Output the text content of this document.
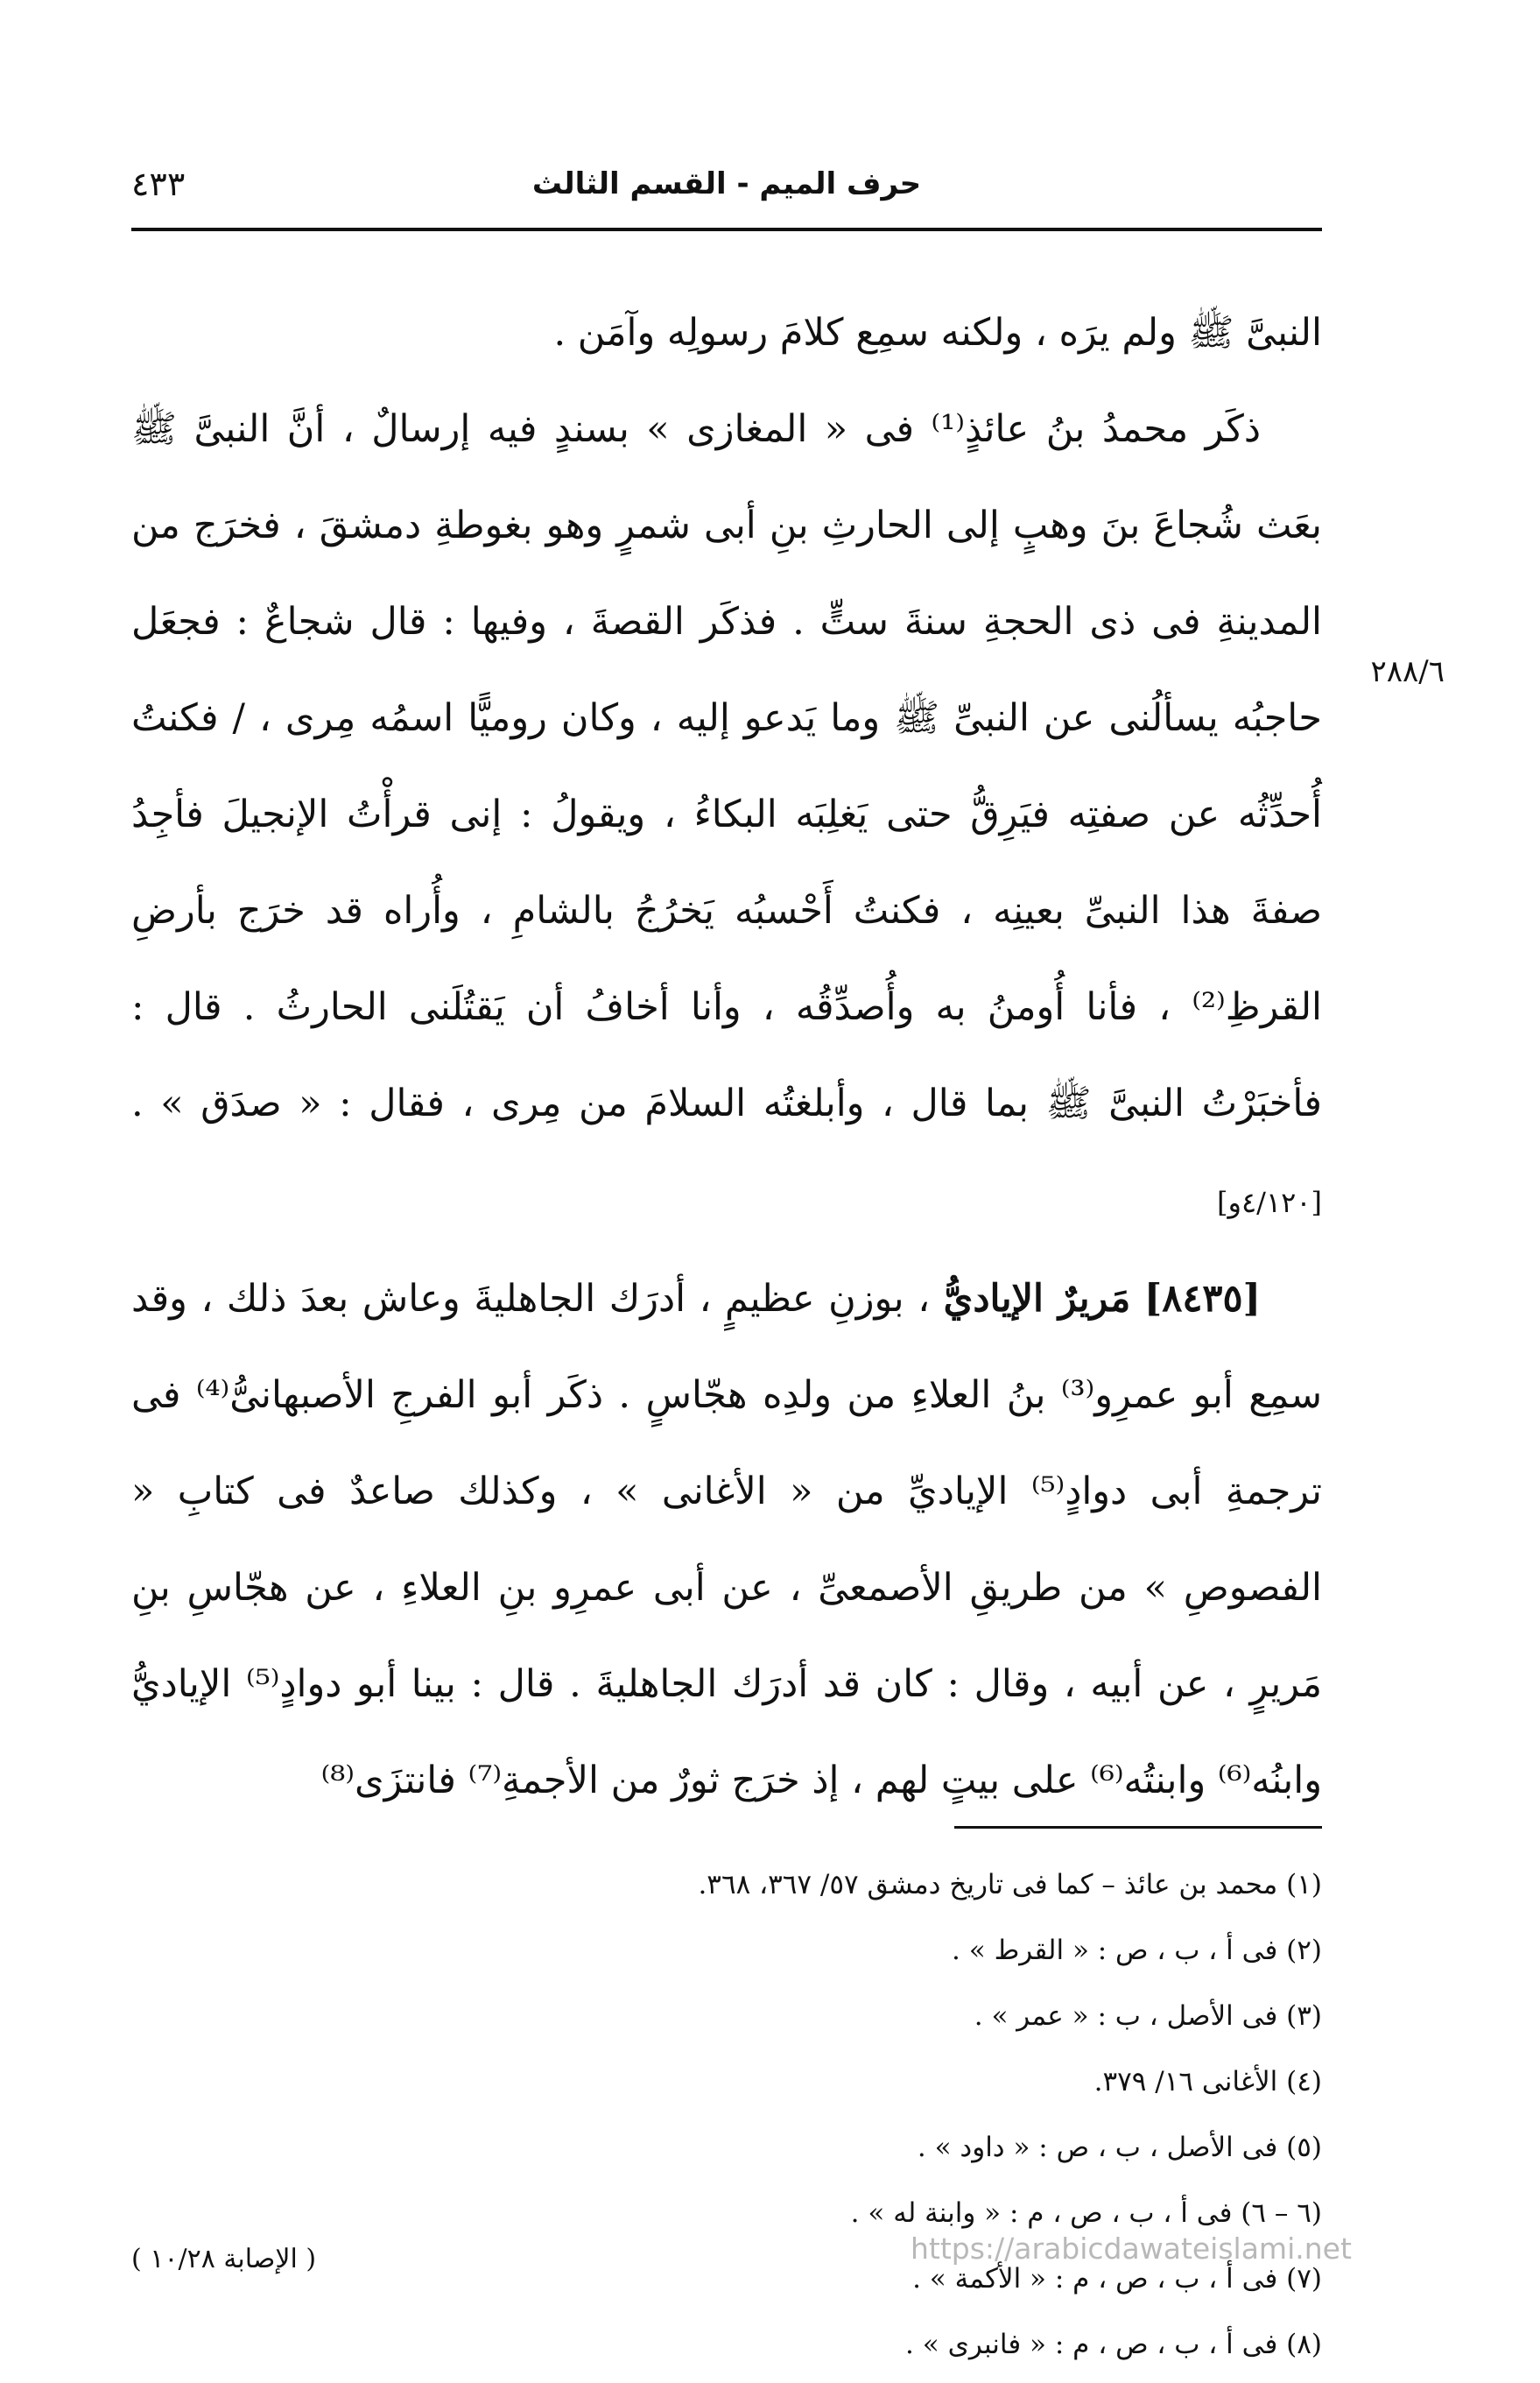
حرف الميم - القسم الثالث
٤٣٣

النبىَّ ﷺ ولم يرَه ، ولكنه سمِع كلامَ رسولِه وآمَن .

ذكَر محمدُ بنُ عائذٍ⁽¹⁾ فى « المغازى » بسندٍ فيه إرسالٌ ، أنَّ النبىَّ ﷺ بعَث شُجاعَ بنَ وهبٍ إلى الحارثِ بنِ أبى شمرٍ وهو بغوطةِ دمشقَ ، فخرَج من المدينةِ فى ذى الحجةِ سنةَ ستٍّ . فذكَر القصةَ ، وفيها : قال شجاعٌ : فجعَل حاجبُه يسألُنى عن النبىِّ ﷺ وما يَدعو إليه ، وكان روميًّا اسمُه مِرى ، / فكنتُ أُحدِّثُه عن صفتِه فيَرِقُّ حتى يَغلِبَه البكاءُ ، ويقولُ : إنى قرأْتُ الإنجيلَ فأجِدُ صفةَ هذا النبىِّ بعينِه ، فكنتُ أَحْسبُه يَخرُجُ بالشامِ ، وأُراه قد خرَج بأرضِ القرظِ⁽²⁾ ، فأنا أُومنُ به وأُصدِّقُه ، وأنا أخافُ أن يَقتُلَنى الحارثُ . قال : فأخبَرْتُ النبىَّ ﷺ بما قال ، وأبلغتُه السلامَ من مِرى ، فقال : « صدَق » . [٤/١٢٠و]

[٨٤٣٥] مَريرٌ الإياديُّ ، بوزنِ عظيمٍ ، أدرَك الجاهليةَ وعاش بعدَ ذلك ، وقد سمِع أبو عمرِو⁽³⁾ بنُ العلاءِ من ولدِه هجّاسٍ . ذكَر أبو الفرجِ الأصبهانىُّ⁽⁴⁾ فى ترجمةِ أبى دوادٍ⁽⁵⁾ الإياديِّ من « الأغانى » ، وكذلك صاعدٌ فى كتابِ « الفصوصِ » من طريقِ الأصمعىِّ ، عن أبى عمرِو بنِ العلاءِ ، عن هجّاسِ بنِ مَريرٍ ، عن أبيه ، وقال : كان قد أدرَك الجاهليةَ . قال : بينا أبو دوادٍ⁽⁵⁾ الإياديُّ وابنُه⁽⁶⁾ وابنتُه⁽⁶⁾ على بيتٍ لهم ، إذ خرَج ثورٌ من الأجمةِ⁽⁷⁾ فانتزَى⁽⁸⁾

٢٨٨/٦

(١) محمد بن عائذ – كما فى تاريخ دمشق ٥٧/ ٣٦٧، ٣٦٨.

(٢) فى أ ، ب ، ص : « القرط » .

(٣) فى الأصل ، ب : « عمر » .

(٤) الأغانى ١٦/ ٣٧٩.

(٥) فى الأصل ، ب ، ص : « داود » .

(٦ – ٦) فى أ ، ب ، ص ، م : « وابنة له » .

(٧) فى أ ، ب ، ص ، م : « الأكمة » .

(٨) فى أ ، ب ، ص ، م : « فانبرى » .

( الإصابة ١٠/٢٨ )	https://arabicdawateislami.net
